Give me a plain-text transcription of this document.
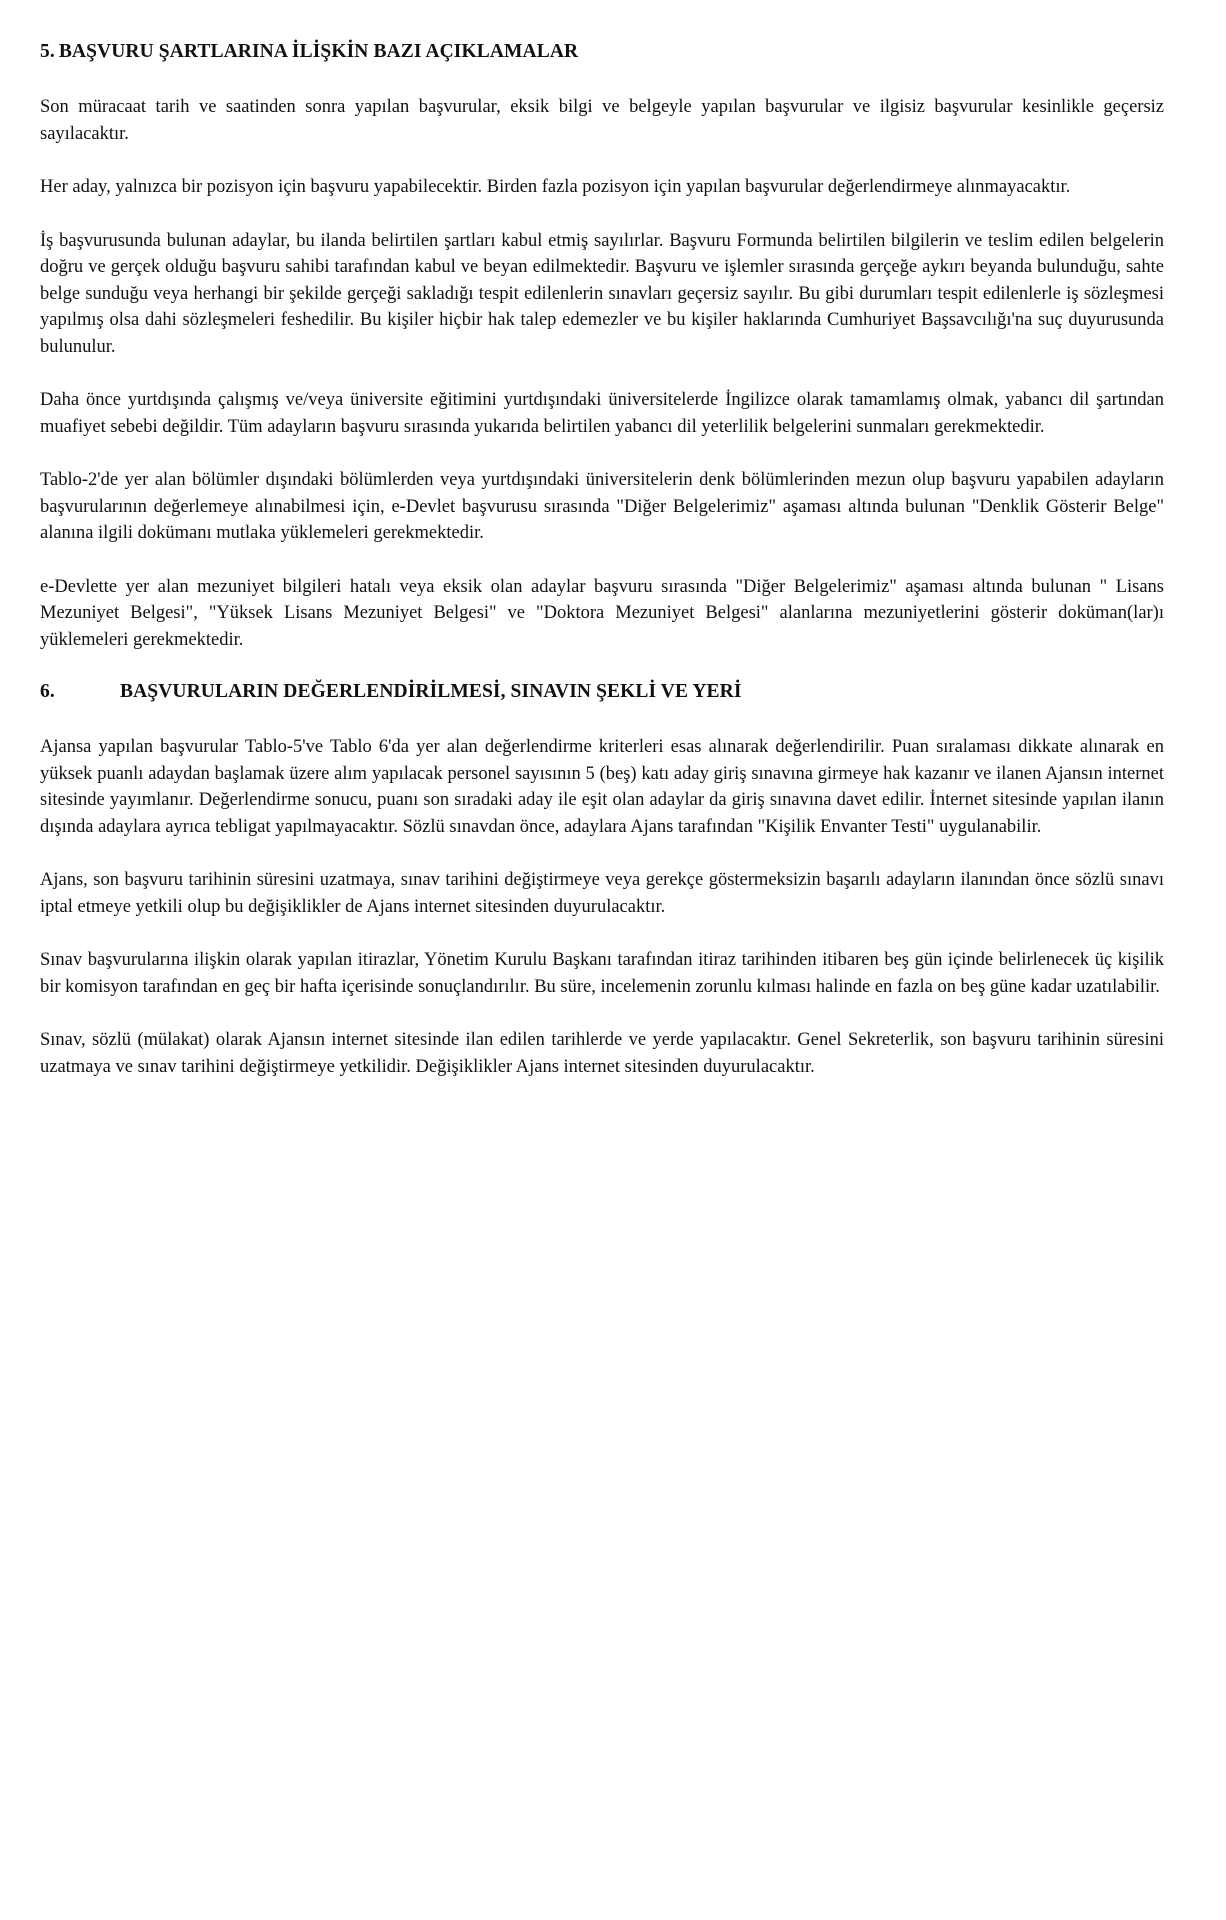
5. BAŞVURU ŞARTLARINA İLİŞKİN BAZI AÇIKLAMALAR

Son müracaat tarih ve saatinden sonra yapılan başvurular, eksik bilgi ve belgeyle yapılan başvurular ve ilgisiz başvurular kesinlikle geçersiz sayılacaktır.

Her aday, yalnızca bir pozisyon için başvuru yapabilecektir. Birden fazla pozisyon için yapılan başvurular değerlendirmeye alınmayacaktır.

İş başvurusunda bulunan adaylar, bu ilanda belirtilen şartları kabul etmiş sayılırlar. Başvuru Formunda belirtilen bilgilerin ve teslim edilen belgelerin doğru ve gerçek olduğu başvuru sahibi tarafından kabul ve beyan edilmektedir. Başvuru ve işlemler sırasında gerçeğe aykırı beyanda bulunduğu, sahte belge sunduğu veya herhangi bir şekilde gerçeği sakladığı tespit edilenlerin sınavları geçersiz sayılır. Bu gibi durumları tespit edilenlerle iş sözleşmesi yapılmış olsa dahi sözleşmeleri feshedilir. Bu kişiler hiçbir hak talep edemezler ve bu kişiler haklarında Cumhuriyet Başsavcılığı'na suç duyurusunda bulunulur.

Daha önce yurtdışında çalışmış ve/veya üniversite eğitimini yurtdışındaki üniversitelerde İngilizce olarak tamamlamış olmak, yabancı dil şartından muafiyet sebebi değildir. Tüm adayların başvuru sırasında yukarıda belirtilen yabancı dil yeterlilik belgelerini sunmaları gerekmektedir.

Tablo-2'de yer alan bölümler dışındaki bölümlerden veya yurtdışındaki üniversitelerin denk bölümlerinden mezun olup başvuru yapabilen adayların başvurularının değerlemeye alınabilmesi için, e-Devlet başvurusu sırasında "Diğer Belgelerimiz" aşaması altında bulunan "Denklik Gösterir Belge" alanına ilgili dokümanı mutlaka yüklemeleri gerekmektedir.

e-Devlette yer alan mezuniyet bilgileri hatalı veya eksik olan adaylar başvuru sırasında "Diğer Belgelerimiz" aşaması altında bulunan " Lisans Mezuniyet Belgesi", "Yüksek Lisans Mezuniyet Belgesi" ve "Doktora Mezuniyet Belgesi" alanlarına mezuniyetlerini gösterir doküman(lar)ı yüklemeleri gerekmektedir.

6.	BAŞVURULARIN DEĞERLENDİRİLMESİ, SINAVIN ŞEKLİ VE YERİ

Ajansa yapılan başvurular Tablo-5've Tablo 6'da yer alan değerlendirme kriterleri esas alınarak değerlendirilir. Puan sıralaması dikkate alınarak en yüksek puanlı adaydan başlamak üzere alım yapılacak personel sayısının 5 (beş) katı aday giriş sınavına girmeye hak kazanır ve ilanen Ajansın internet sitesinde yayımlanır. Değerlendirme sonucu, puanı son sıradaki aday ile eşit olan adaylar da giriş sınavına davet edilir. İnternet sitesinde yapılan ilanın dışında adaylara ayrıca tebligat yapılmayacaktır. Sözlü sınavdan önce, adaylara Ajans tarafından "Kişilik Envanter Testi" uygulanabilir.

Ajans, son başvuru tarihinin süresini uzatmaya, sınav tarihini değiştirmeye veya gerekçe göstermeksizin başarılı adayların ilanından önce sözlü sınavı iptal etmeye yetkili olup bu değişiklikler de Ajans internet sitesinden duyurulacaktır.

Sınav başvurularına ilişkin olarak yapılan itirazlar, Yönetim Kurulu Başkanı tarafından itiraz tarihinden itibaren beş gün içinde belirlenecek üç kişilik bir komisyon tarafından en geç bir hafta içerisinde sonuçlandırılır. Bu süre, incelemenin zorunlu kılması halinde en fazla on beş güne kadar uzatılabilir.

Sınav, sözlü (mülakat) olarak Ajansın internet sitesinde ilan edilen tarihlerde ve yerde yapılacaktır. Genel Sekreterlik, son başvuru tarihinin süresini uzatmaya ve sınav tarihini değiştirmeye yetkilidir. Değişiklikler Ajans internet sitesinden duyurulacaktır.
